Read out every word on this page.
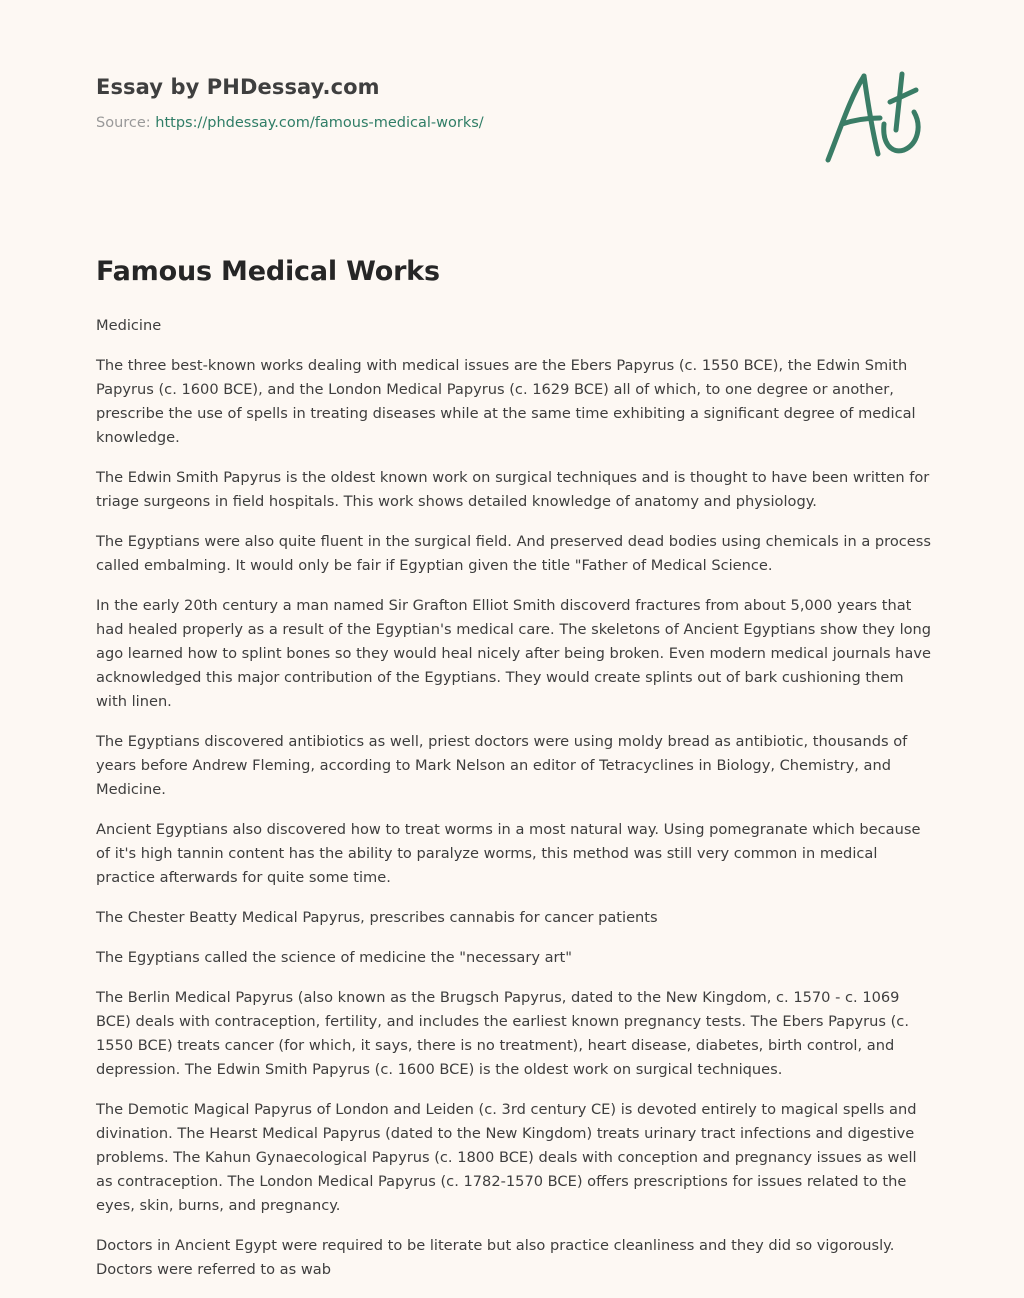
Essay by PHDessay.com
Source: https://phdessay.com/famous-medical-works/
Famous Medical Works

Medicine

The three best-known works dealing with medical issues are the Ebers Papyrus (c. 1550 BCE), the Edwin Smith Papyrus (c. 1600 BCE), and the London Medical Papyrus (c. 1629 BCE) all of which, to one degree or another, prescribe the use of spells in treating diseases while at the same time exhibiting a significant degree of medical knowledge.

The Edwin Smith Papyrus is the oldest known work on surgical techniques and is thought to have been written for triage surgeons in field hospitals. This work shows detailed knowledge of anatomy and physiology.

The Egyptians were also quite fluent in the surgical field. And preserved dead bodies using chemicals in a process called embalming. It would only be fair if Egyptian given the title "Father of Medical Science.

In the early 20th century a man named Sir Grafton Elliot Smith discoverd fractures from about 5,000 years that had healed properly as a result of the Egyptian's medical care. The skeletons of Ancient Egyptians show they long ago learned how to splint bones so they would heal nicely after being broken. Even modern medical journals have acknowledged this major contribution of the Egyptians. They would create splints out of bark cushioning them with linen.

The Egyptians discovered antibiotics as well, priest doctors were using moldy bread as antibiotic, thousands of years before Andrew Fleming, according to Mark Nelson an editor of Tetracyclines in Biology, Chemistry, and Medicine.

Ancient Egyptians also discovered how to treat worms in a most natural way. Using pomegranate which because of it's high tannin content has the ability to paralyze worms, this method was still very common in medical practice afterwards for quite some time.

The Chester Beatty Medical Papyrus, prescribes cannabis for cancer patients

The Egyptians called the science of medicine the "necessary art"

The Berlin Medical Papyrus (also known as the Brugsch Papyrus, dated to the New Kingdom, c. 1570 - c. 1069 BCE) deals with contraception, fertility, and includes the earliest known pregnancy tests. The Ebers Papyrus (c. 1550 BCE) treats cancer (for which, it says, there is no treatment), heart disease, diabetes, birth control, and depression. The Edwin Smith Papyrus (c. 1600 BCE) is the oldest work on surgical techniques.

The Demotic Magical Papyrus of London and Leiden (c. 3rd century CE) is devoted entirely to magical spells and divination. The Hearst Medical Papyrus (dated to the New Kingdom) treats urinary tract infections and digestive problems. The Kahun Gynaecological Papyrus (c. 1800 BCE) deals with conception and pregnancy issues as well as contraception. The London Medical Papyrus (c. 1782-1570 BCE) offers prescriptions for issues related to the eyes, skin, burns, and pregnancy.

Doctors in Ancient Egypt were required to be literate but also practice cleanliness and they did so vigorously. Doctors were referred to as wab
